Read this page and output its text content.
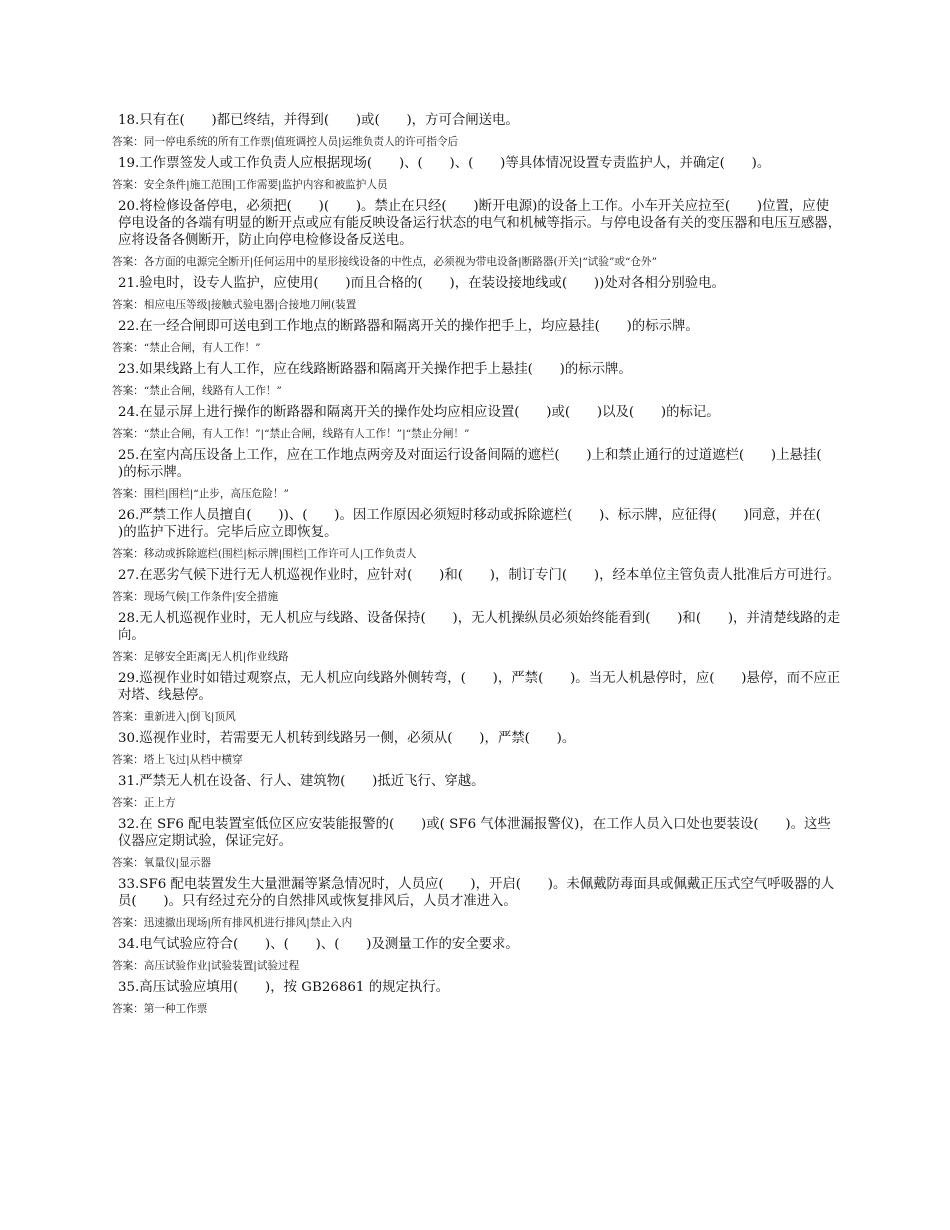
18.只有在(　　)都已终结，并得到(　　)或(　　)，方可合闸送电。

答案：同一停电系统的所有工作票|值班调控人员|运维负责人的许可指令后

19.工作票签发人或工作负责人应根据现场(　　)、(　　)、(　　)等具体情况设置专责监护人，并确定(　　)。

答案：安全条件|施工范围|工作需要|监护内容和被监护人员

20.将检修设备停电，必须把(　　)(　　)。禁止在只经(　　)断开电源)的设备上工作。小车开关应拉至(　　)位置，应使停电设备的各端有明显的断开点或应有能反映设备运行状态的电气和机械等指示。与停电设备有关的变压器和电压互感器，应将设备各侧断开，防止向停电检修设备反送电。

答案：各方面的电源完全断开|任何运用中的星形接线设备的中性点，必须视为带电设备|断路器(开关|“试验”或“仓外”

21.验电时，设专人监护，应使用(　　)而且合格的(　　)，在装设接地线或(　　))处对各相分别验电。

答案：相应电压等级|接触式验电器|合接地刀闸(装置

22.在一经合闸即可送电到工作地点的断路器和隔离开关的操作把手上，均应悬挂(　　)的标示牌。

答案：“禁止合闸，有人工作！”

23.如果线路上有人工作，应在线路断路器和隔离开关操作把手上悬挂(　　)的标示牌。

答案：“禁止合闸，线路有人工作！”

24.在显示屏上进行操作的断路器和隔离开关的操作处均应相应设置(　　)或(　　)以及(　　)的标记。

答案：“禁止合闸，有人工作！”|“禁止合闸，线路有人工作！”|“禁止分闸！”

25.在室内高压设备上工作，应在工作地点两旁及对面运行设备间隔的遮栏(　　)上和禁止通行的过道遮栏(　　)上悬挂(　　)的标示牌。

答案：围栏|围栏|“止步，高压危险！”

26.严禁工作人员擅自(　　))、(　　)。因工作原因必须短时移动或拆除遮栏(　　)、标示牌，应征得(　　)同意，并在(　　)的监护下进行。完毕后应立即恢复。

答案：移动或拆除遮栏(围栏|标示牌|围栏|工作许可人|工作负责人

27.在恶劣气候下进行无人机巡视作业时，应针对(　　)和(　　)，制订专门(　　)，经本单位主管负责人批准后方可进行。

答案：现场气候|工作条件|安全措施

28.无人机巡视作业时，无人机应与线路、设备保持(　　)，无人机操纵员必须始终能看到(　　)和(　　)，并清楚线路的走向。

答案：足够安全距离|无人机|作业线路

29.巡视作业时如错过观察点，无人机应向线路外侧转弯，(　　)，严禁(　　)。当无人机悬停时，应(　　)悬停，而不应正对塔、线悬停。

答案：重新进入|倒飞|顶风

30.巡视作业时，若需要无人机转到线路另一侧，必须从(　　)，严禁(　　)。

答案：塔上飞过|从档中横穿

31.严禁无人机在设备、行人、建筑物(　　)抵近飞行、穿越。

答案：正上方

32.在 SF6 配电装置室低位区应安装能报警的(　　)或( SF6 气体泄漏报警仪)，在工作人员入口处也要装设(　　)。这些仪器应定期试验，保证完好。

答案：氧量仪|显示器

33.SF6 配电装置发生大量泄漏等紧急情况时，人员应(　　)，开启(　　)。未佩戴防毒面具或佩戴正压式空气呼吸器的人员(　　)。只有经过充分的自然排风或恢复排风后，人员才准进入。

答案：迅速撤出现场|所有排风机进行排风|禁止入内

34.电气试验应符合(　　)、(　　)、(　　)及测量工作的安全要求。

答案：高压试验作业|试验装置|试验过程

35.高压试验应填用(　　)，按 GB26861 的规定执行。

答案：第一种工作票
